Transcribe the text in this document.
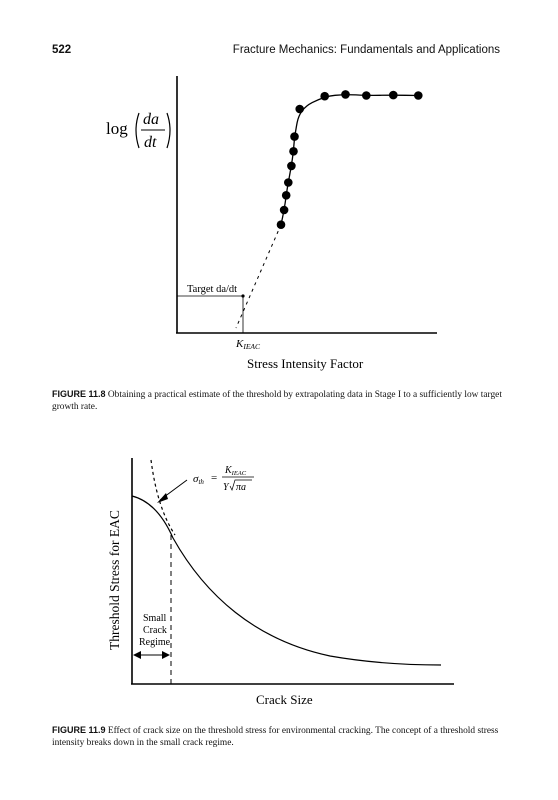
522	Fracture Mechanics: Fundamentals and Applications
log da
dt
Target da/dt
KIEAC
Stress Intensity Factor
Threshold Stress for EAC
σth =
$K_{IEAC}$
Y πa
Small
Crack
Regime
Crack Size
FIGURE 11.8 Obtaining a practical estimate of the threshold by extrapolating data in Stage I to a sufficiently low target growth rate.
FIGURE 11.9 Effect of crack size on the threshold stress for environmental cracking. The concept of a threshold stress intensity breaks down in the small crack regime.
